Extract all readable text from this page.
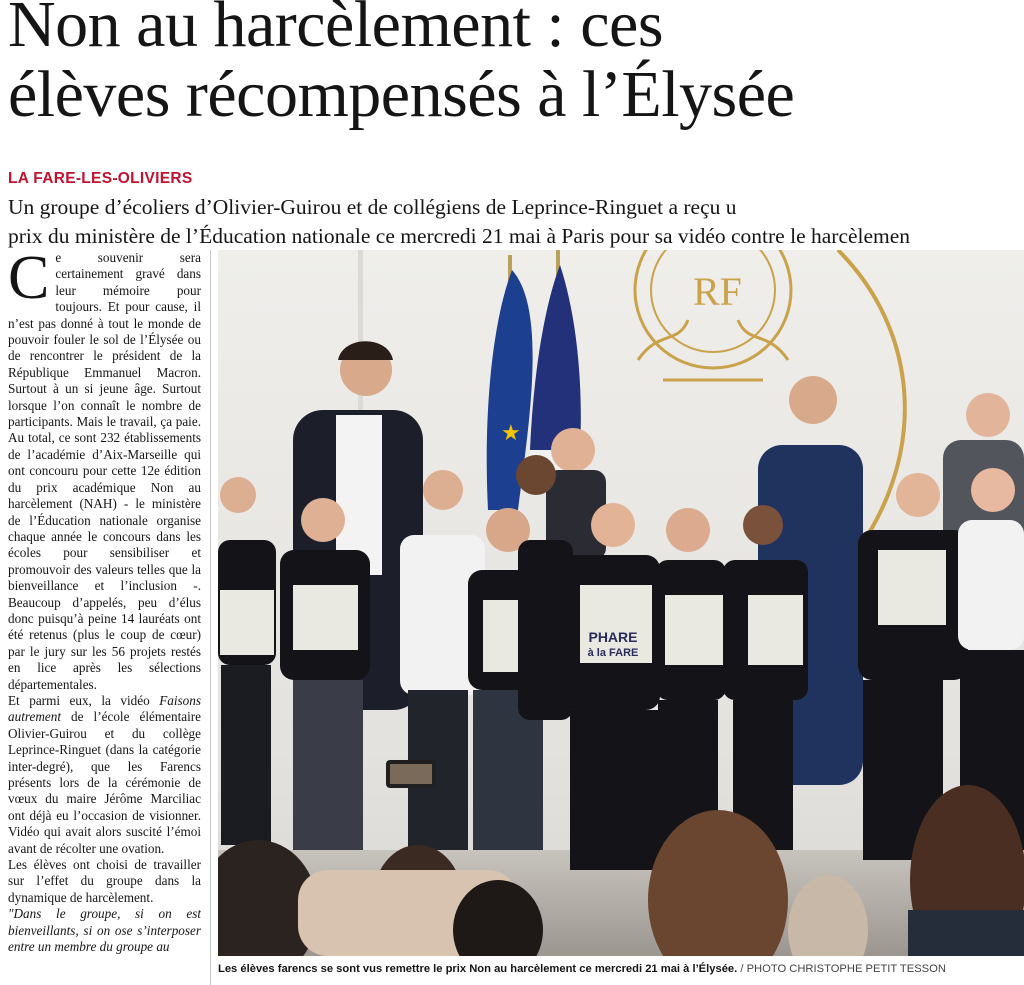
Non au harcèlement : ces
élèves récompensés à l’Élysée
LA FARE-LES-OLIVIERS
Un groupe d’écoliers d’Olivier-Guirou et de collégiens de Leprince-Ringuet a reçu u
prix du ministère de l’Éducation nationale ce mercredi 21 mai à Paris pour sa vidéo contre le harcèlemen

Ce souvenir sera certainement gravé dans leur mémoire pour toujours. Et pour cause, il n’est pas donné à tout le monde de pouvoir fouler le sol de l’Élysée ou de rencontrer le président de la République Emmanuel Macron. Surtout à un si jeune âge. Surtout lorsque l’on connaît le nombre de participants. Mais le travail, ça paie. Au total, ce sont 232 établissements de l’académie d’Aix-Marseille qui ont concouru pour cette 12e édition du prix académique Non au harcèlement (NAH) - le ministère de l’Éducation nationale organise chaque année le concours dans les écoles pour sensibiliser et promouvoir des valeurs telles que la bienveillance et l’inclusion -. Beaucoup d’appelés, peu d’élus donc puisqu’à peine 14 lauréats ont été retenus (plus le coup de cœur) par le jury sur les 56 projets restés en lice après les sélections départementales.

Et parmi eux, la vidéo Faisons autrement de l’école élémentaire Olivier-Guirou et du collège Leprince-Ringuet (dans la catégorie inter-degré), que les Farencs présents lors de la cérémonie de vœux du maire Jérôme Marciliac ont déjà eu l’occasion de visionner. Vidéo qui avait alors suscité l’émoi avant de récolter une ovation.

Les élèves ont choisi de travailler sur l’effet du groupe dans la dynamique de harcèlement.

"Dans le groupe, si on est bienveillants, si on ose s’interposer entre un membre du groupe au

RF
★
PHARE
à la FARE
Les élèves farencs se sont vus remettre le prix Non au harcèlement ce mercredi 21 mai à l’Élysée. / PHOTO CHRISTOPHE PETIT TESSON
